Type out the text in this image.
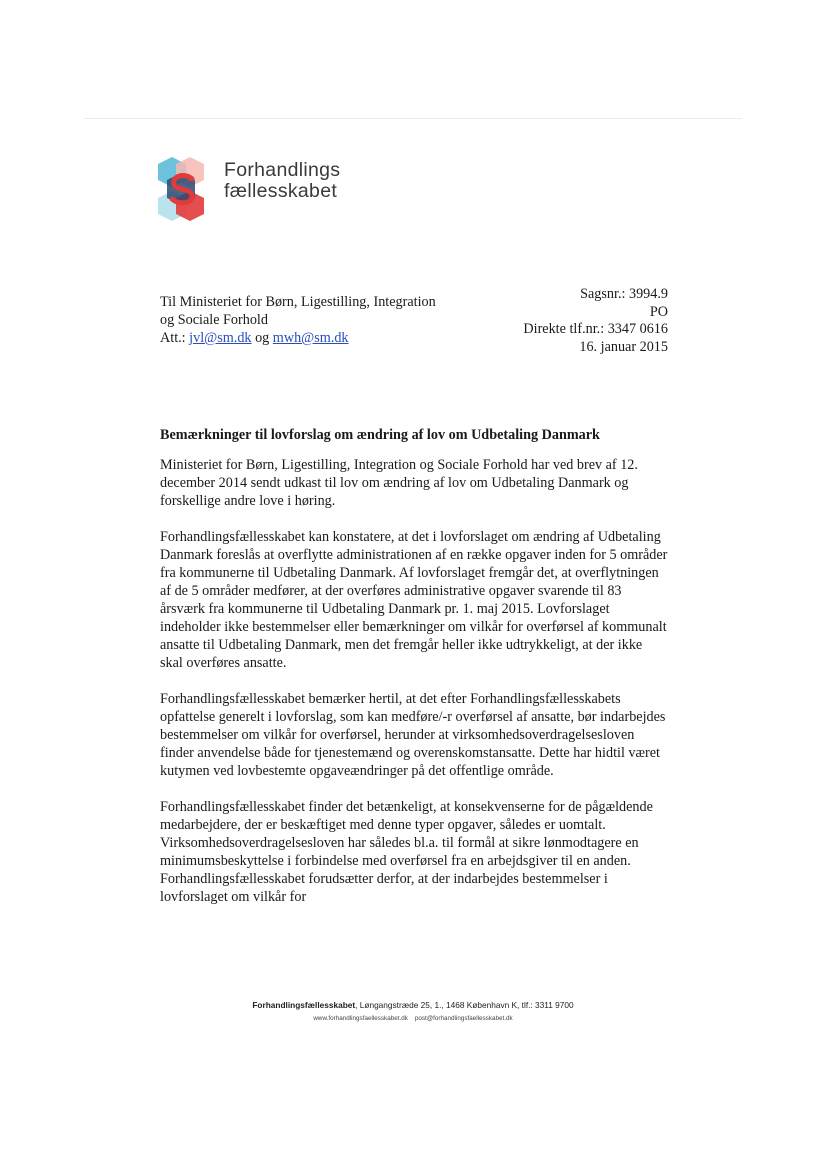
Forhandlings
fællesskabet
Til Ministeriet for Børn, Ligestilling, Integration
og Sociale Forhold
Att.: jvl@sm.dk og mwh@sm.dk
Sagsnr.: 3994.9
PO
Direkte tlf.nr.: 3347 0616
16. januar 2015
Bemærkninger til lovforslag om ændring af lov om Udbetaling Danmark

Ministeriet for Børn, Ligestilling, Integration og Sociale Forhold har ved brev af 12. december 2014 sendt udkast til lov om ændring af lov om Udbetaling Danmark og forskellige andre love i høring.

Forhandlingsfællesskabet kan konstatere, at det i lovforslaget om ændring af Udbetaling Danmark foreslås at overflytte administrationen af en række opgaver inden for 5 områder fra kommunerne til Udbetaling Danmark. Af lovforslaget fremgår det, at overflytningen af de 5 områder medfører, at der overføres administrative opgaver svarende til 83 årsværk fra kommunerne til Udbetaling Danmark pr. 1. maj 2015. Lovforslaget indeholder ikke bestemmelser eller bemærkninger om vilkår for overførsel af kommunalt ansatte til Udbetaling Danmark, men det fremgår heller ikke udtrykkeligt, at der ikke skal overføres ansatte.

Forhandlingsfællesskabet bemærker hertil, at det efter Forhandlingsfællesskabets opfattelse generelt i lovforslag, som kan medføre/-r overførsel af ansatte, bør indarbejdes bestemmelser om vilkår for overførsel, herunder at virksomhedsoverdragelsesloven finder anvendelse både for tjenestemænd og overenskomstansatte. Dette har hidtil været kutymen ved lovbestemte opgaveændringer på det offentlige område.

Forhandlingsfællesskabet finder det betænkeligt, at konsekvenserne for de pågældende medarbejdere, der er beskæftiget med denne typer opgaver, således er uomtalt. Virksomhedsoverdragelsesloven har således bl.a. til formål at sikre lønmodtagere en minimumsbeskyttelse i forbindelse med overførsel fra en arbejdsgiver til en anden. Forhandlingsfællesskabet forudsætter derfor, at der indarbejdes bestemmelser i lovforslaget om vilkår for

Forhandlingsfællesskabet, Løngangstræde 25, 1., 1468 København K, tlf.: 3311 9700
www.forhandlingsfaellesskabet.dk post@forhandlingsfaellesskabet.dk
